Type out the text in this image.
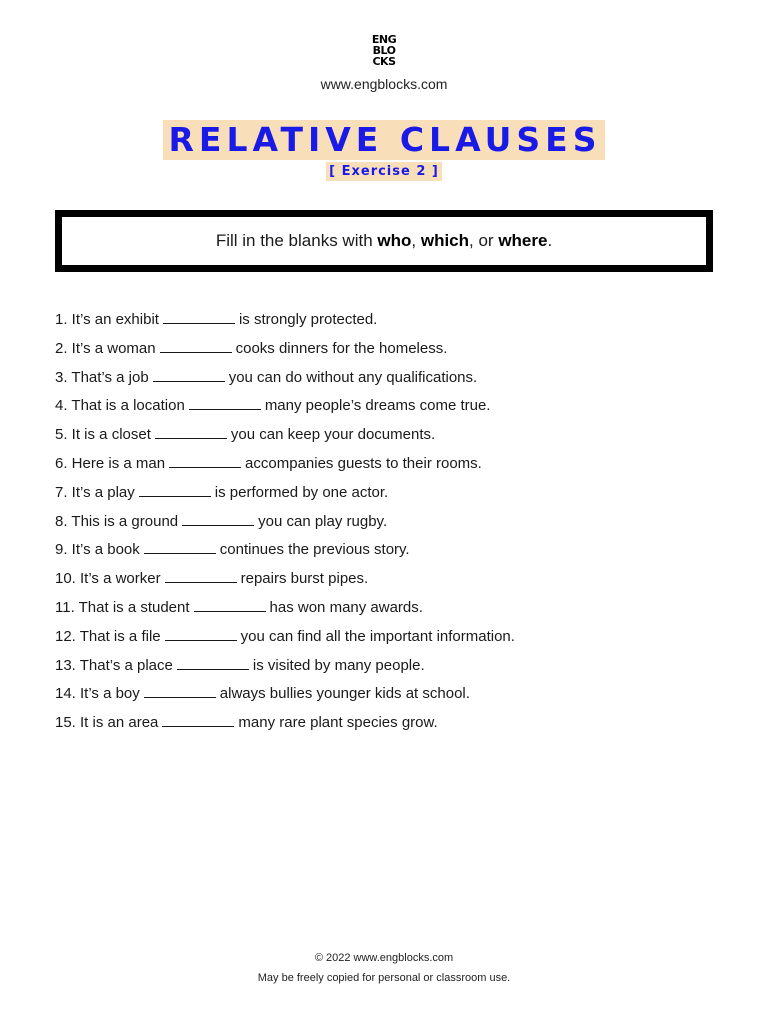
ENG
BLO
CKS
www.engblocks.com
RELATIVE CLAUSES
[ Exercise 2 ]
Fill in the blanks with who, which, or where.
1. It’s an exhibit	is strongly protected.
2. It’s a woman	cooks dinners for the homeless.
3. That’s a job	you can do without any qualifications.
4. That is a location	many people’s dreams come true.
5. It is a closet	you can keep your documents.
6. Here is a man	accompanies guests to their rooms.
7. It’s a play	is performed by one actor.
8. This is a ground	you can play rugby.
9. It’s a book	continues the previous story.
10. It’s a worker	repairs burst pipes.
11. That is a student	has won many awards.
12. That is a file	you can find all the important information.
13. That’s a place	is visited by many people.
14. It’s a boy	always bullies younger kids at school.
15. It is an area	many rare plant species grow.
© 2022 www.engblocks.com
May be freely copied for personal or classroom use.
